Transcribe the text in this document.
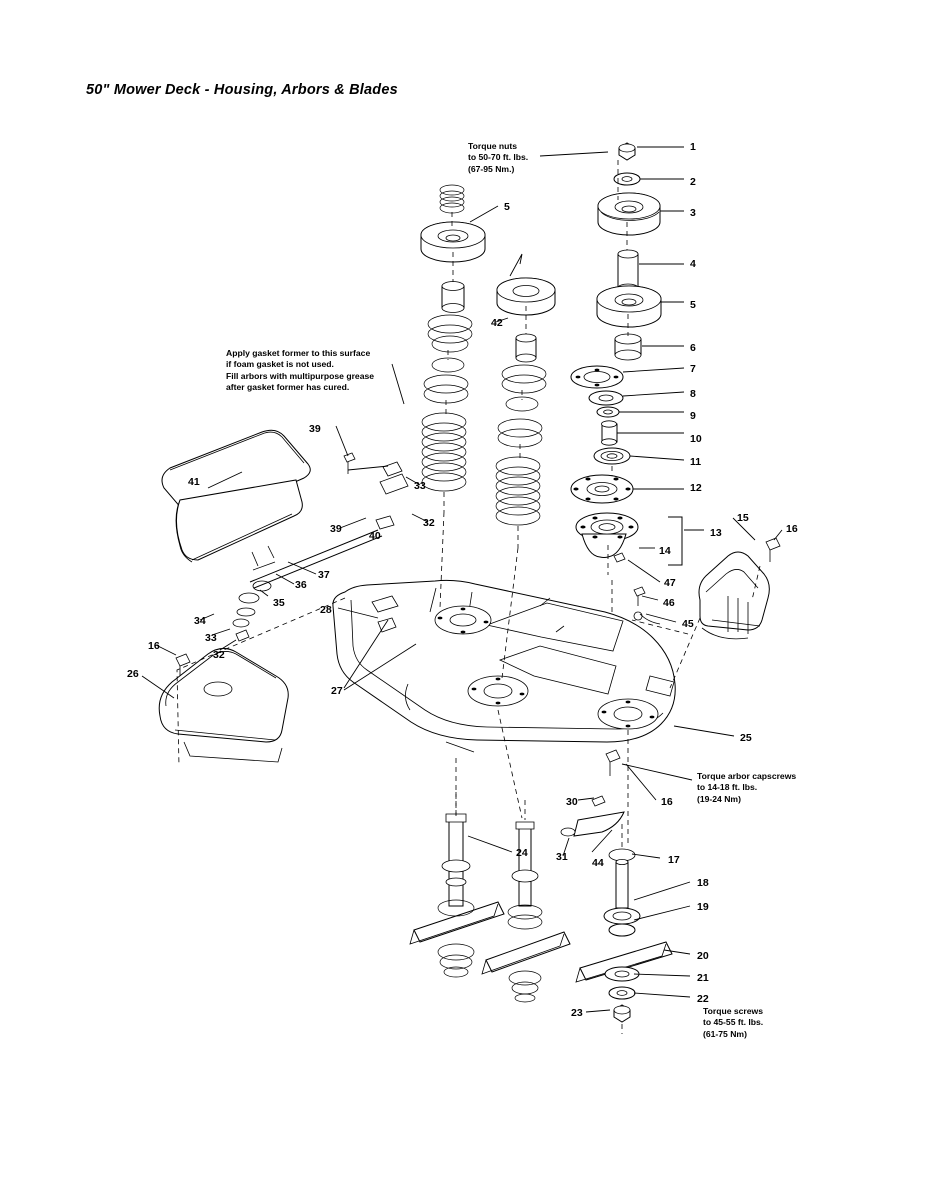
50" Mower Deck - Housing, Arbors & Blades
Torque nuts
to 50-70 ft. lbs.
(67-95 Nm.)
Apply gasket former to this surface
if foam gasket is not used.
Fill arbors with multipurpose grease
after gasket former has cured.
Torque arbor capscrews
to 14-18 ft. lbs.
(19-24 Nm)
Torque screws
to 45-55 ft. lbs.
(61-75 Nm)
1
2
3
4
5
6
7
8
9
10
11
12
13
14
15
16
16
16
17
18
19
20
21
22
23
24
25
26
27
28
30
31
32
32
33
33
34
35
36
37
39
39
40
41
42
44
45
46
47
5
